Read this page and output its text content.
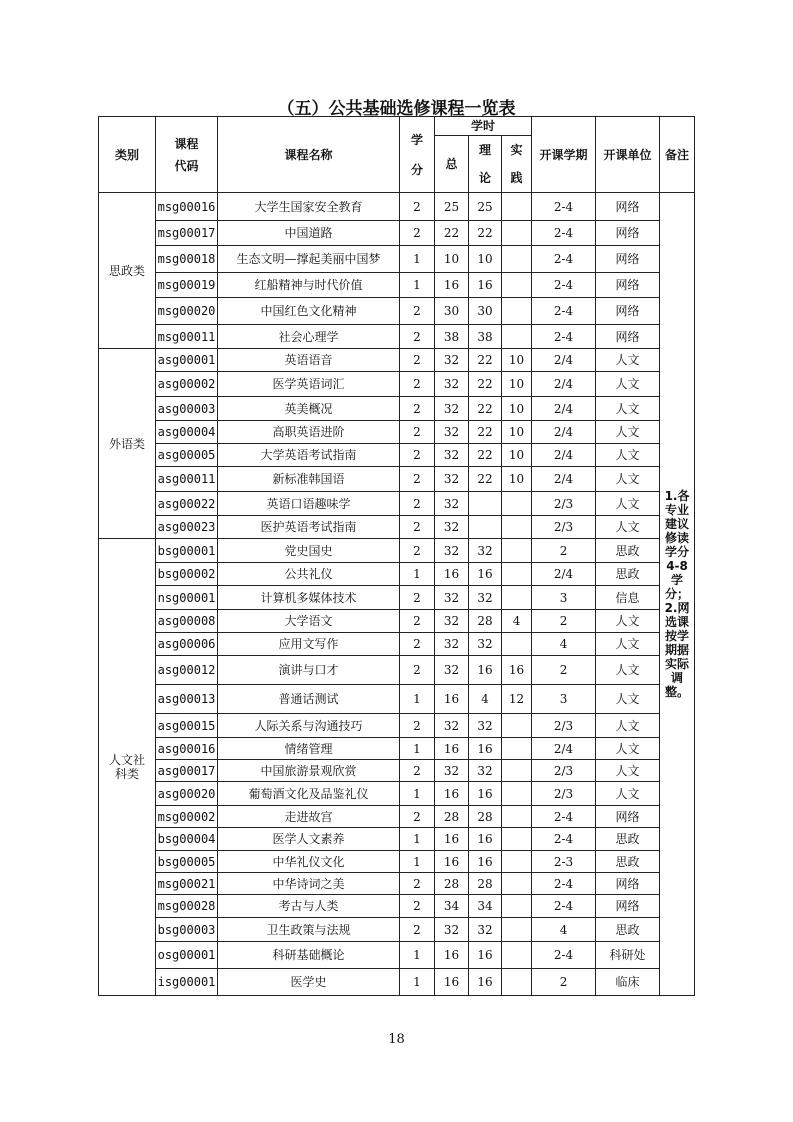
（五）公共基础选修课程一览表
类别	课程代码	课程名称	学分	学时			开课学期	开课单位	备注
				总	理论	实践			
思政类	msg00016	大学生国家安全教育	2	25	25		2-4	网络	1.各专业建议修读学分4-8学分；2.网选课按学期据实际调整。
	msg00017	中国道路	2	22	22		2-4	网络	
	msg00018	生态文明—撑起美丽中国梦	1	10	10		2-4	网络	
	msg00019	红船精神与时代价值	1	16	16		2-4	网络	
	msg00020	中国红色文化精神	2	30	30		2-4	网络	
	msg00011	社会心理学	2	38	38		2-4	网络	
外语类	asg00001	英语语音	2	32	22	10	2/4	人文	
	asg00002	医学英语词汇	2	32	22	10	2/4	人文	
	asg00003	英美概况	2	32	22	10	2/4	人文	
	asg00004	高职英语进阶	2	32	22	10	2/4	人文	
	asg00005	大学英语考试指南	2	32	22	10	2/4	人文	
	asg00011	新标准韩国语	2	32	22	10	2/4	人文	
	asg00022	英语口语趣味学	2	32			2/3	人文	
	asg00023	医护英语考试指南	2	32			2/3	人文	
人文社科类	bsg00001	党史国史	2	32	32		2	思政	
	bsg00002	公共礼仪	1	16	16		2/4	思政	
	nsg00001	计算机多媒体技术	2	32	32		3	信息	
	asg00008	大学语文	2	32	28	4	2	人文	
	asg00006	应用文写作	2	32	32		4	人文	
	asg00012	演讲与口才	2	32	16	16	2	人文	
	asg00013	普通话测试	1	16	4	12	3	人文	
	asg00015	人际关系与沟通技巧	2	32	32		2/3	人文	
	asg00016	情绪管理	1	16	16		2/4	人文	
	asg00017	中国旅游景观欣赏	2	32	32		2/3	人文	
	asg00020	葡萄酒文化及品鉴礼仪	1	16	16		2/3	人文	
	msg00002	走进故宫	2	28	28		2-4	网络	
	bsg00004	医学人文素养	1	16	16		2-4	思政	
	bsg00005	中华礼仪文化	1	16	16		2-3	思政	
	msg00021	中华诗词之美	2	28	28		2-4	网络	
	msg00028	考古与人类	2	34	34		2-4	网络	
	bsg00003	卫生政策与法规	2	32	32		4	思政	
	osg00001	科研基础概论	1	16	16		2-4	科研处	
	isg00001	医学史	1	16	16		2	临床	
18
